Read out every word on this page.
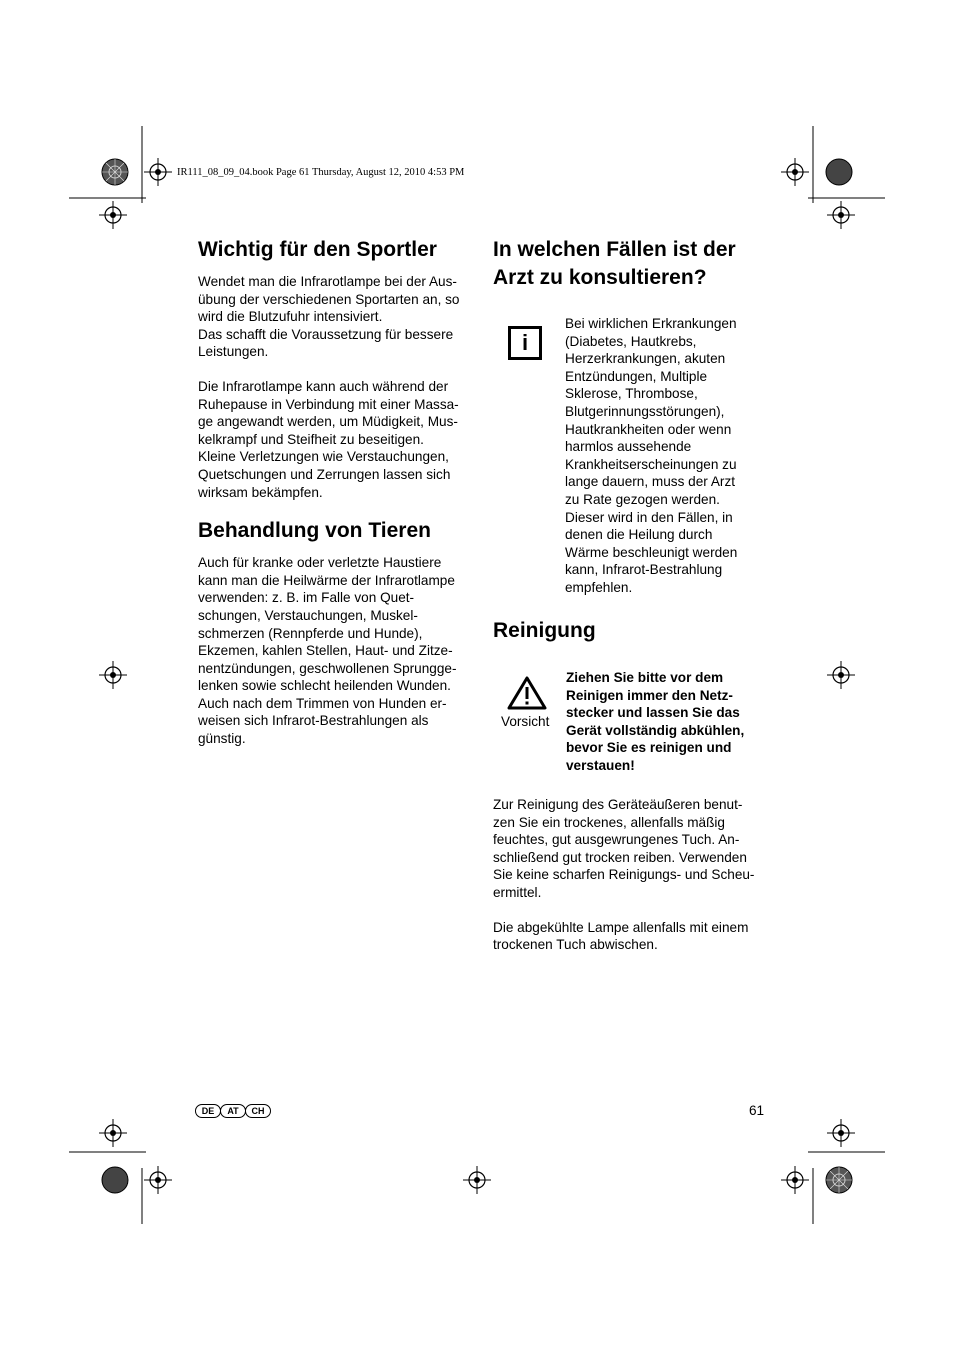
IR111_08_09_04.book Page 61 Thursday, August 12, 2010 4:53 PM
Wichtig für den Sportler

Wendet man die Infrarotlampe bei der Aus-
übung der verschiedenen Sportarten an, so
wird die Blutzufuhr intensiviert.
Das schafft die Voraussetzung für bessere
Leistungen.

Die Infrarotlampe kann auch während der
Ruhepause in Verbindung mit einer Massa-
ge angewandt werden, um Müdigkeit, Mus-
kelkrampf und Steifheit zu beseitigen.
Kleine Verletzungen wie Verstauchungen,
Quetschungen und Zerrungen lassen sich
wirksam bekämpfen.

Behandlung von Tieren

Auch für kranke oder verletzte Haustiere
kann man die Heilwärme der Infrarotlampe
verwenden: z. B. im Falle von Quet-
schungen, Verstauchungen, Muskel-
schmerzen (Rennpferde und Hunde),
Ekzemen, kahlen Stellen, Haut- und Zitze-
nentzündungen, geschwollenen Sprungge-
lenken sowie schlecht heilenden Wunden.
Auch nach dem Trimmen von Hunden er-
weisen sich Infrarot-Bestrahlungen als
günstig.

In welchen Fällen ist der
Arzt zu konsultieren?
i

Bei wirklichen Erkrankungen
(Diabetes, Hautkrebs,
Herzerkrankungen, akuten
Entzündungen, Multiple
Sklerose, Thrombose,
Blutgerinnungsstörungen),
Hautkrankheiten oder wenn
harmlos aussehende
Krankheitserscheinungen zu
lange dauern, muss der Arzt
zu Rate gezogen werden.
Dieser wird in den Fällen, in
denen die Heilung durch
Wärme beschleunigt werden
kann, Infrarot-Bestrahlung
empfehlen.

Reinigung
Vorsicht

Ziehen Sie bitte vor dem
Reinigen immer den Netz-
stecker und lassen Sie das
Gerät vollständig abkühlen,
bevor Sie es reinigen und
verstauen!

Zur Reinigung des Geräteäußeren benut-
zen Sie ein trockenes, allenfalls mäßig
feuchtes, gut ausgewrungenes Tuch. An-
schließend gut trocken reiben. Verwenden
Sie keine scharfen Reinigungs- und Scheu-
ermittel.

Die abgekühlte Lampe allenfalls mit einem
trockenen Tuch abwischen.

DE	AT	CH	61
